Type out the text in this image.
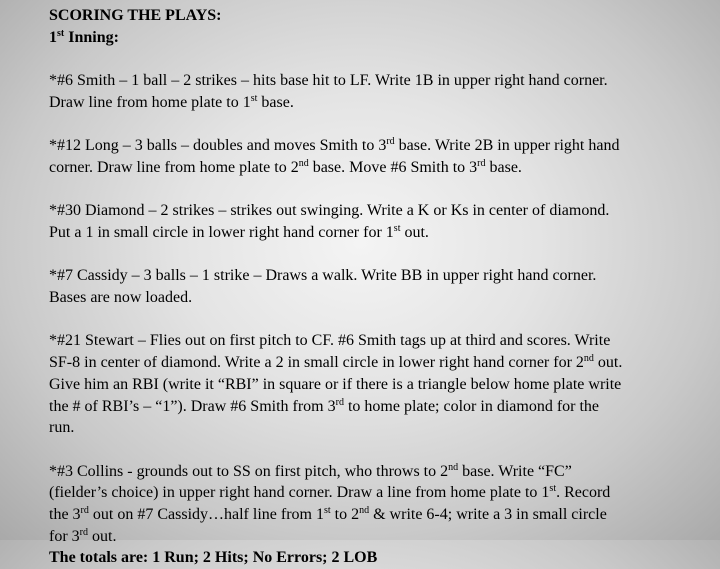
SCORING THE PLAYS:
1st Inning:
*#6 Smith – 1 ball – 2 strikes – hits base hit to LF. Write 1B in upper right hand corner.
Draw line from home plate to 1st base.
*#12 Long – 3 balls – doubles and moves Smith to 3rd base. Write 2B in upper right hand
corner. Draw line from home plate to 2nd base. Move #6 Smith to 3rd base.
*#30 Diamond – 2 strikes – strikes out swinging. Write a K or Ks in center of diamond.
Put a 1 in small circle in lower right hand corner for 1st out.
*#7 Cassidy – 3 balls – 1 strike – Draws a walk. Write BB in upper right hand corner.
Bases are now loaded.
*#21 Stewart – Flies out on first pitch to CF. #6 Smith tags up at third and scores. Write
SF-8 in center of diamond. Write a 2 in small circle in lower right hand corner for 2nd out.
Give him an RBI (write it “RBI” in square or if there is a triangle below home plate write
the # of RBI’s – “1”). Draw #6 Smith from 3rd to home plate; color in diamond for the
run.
*#3 Collins - grounds out to SS on first pitch, who throws to 2nd base. Write “FC”
(fielder’s choice) in upper right hand corner. Draw a line from home plate to 1st. Record
the 3rd out on #7 Cassidy…half line from 1st to 2nd & write 6-4; write a 3 in small circle
for 3rd out.
The totals are: 1 Run; 2 Hits; No Errors; 2 LOB
